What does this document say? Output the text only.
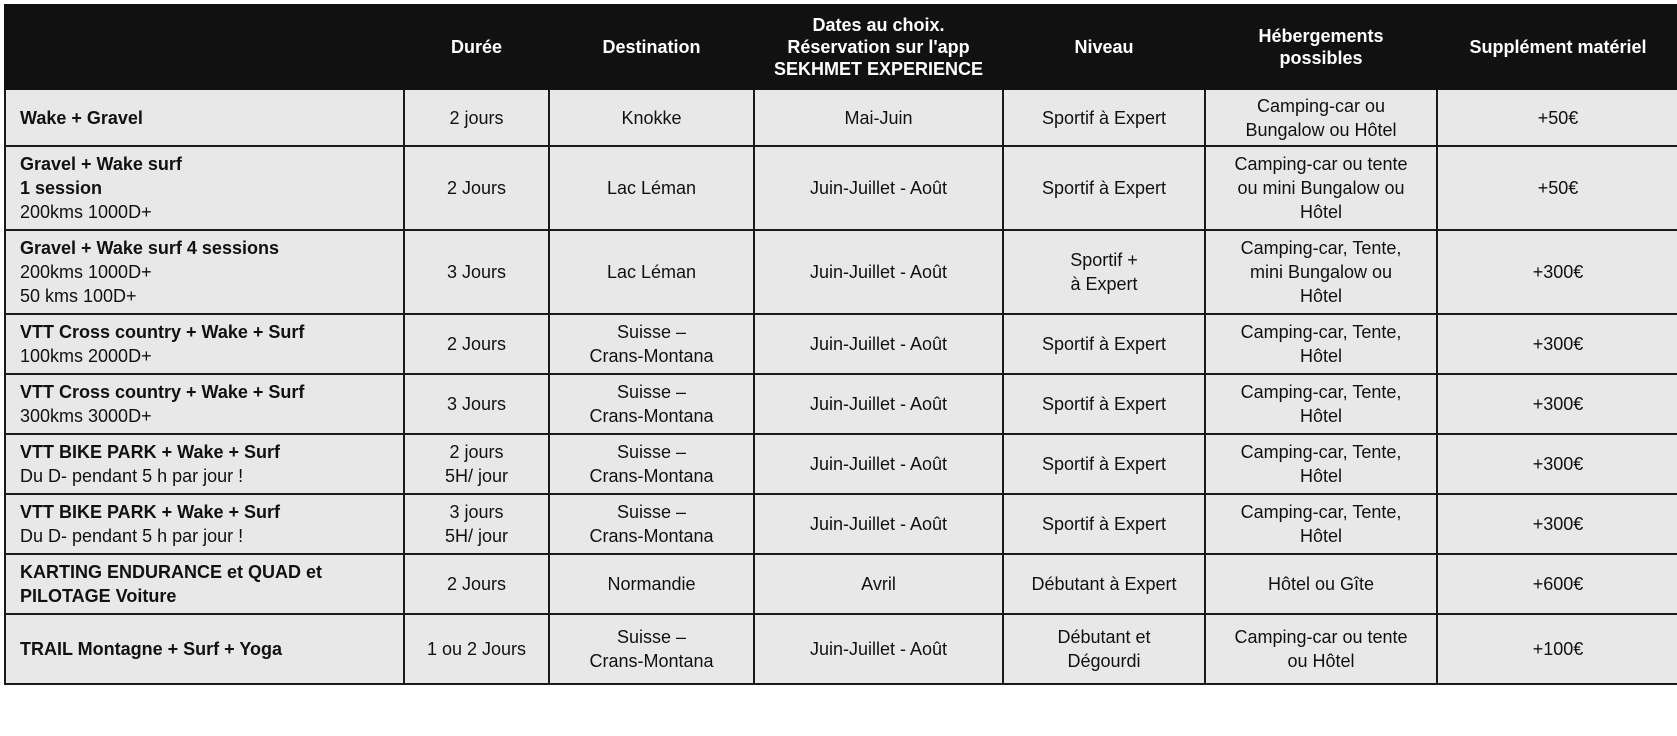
	Durée	Destination	Dates au choix.
Réservation sur l'app
SEKHMET EXPERIENCE	Niveau	Hébergements
possibles	Supplément matériel

Wake + Gravel	2 jours	Knokke	Mai-Juin	Sportif à Expert	Camping-car ou
Bungalow ou Hôtel	+50€

Gravel + Wake surf
1 session
200kms 1000D+	2 Jours	Lac Léman	Juin-Juillet - Août	Sportif à Expert	Camping-car ou tente
ou mini Bungalow ou
Hôtel	+50€

Gravel + Wake surf 4 sessions
200kms 1000D+
50 kms 100D+	3 Jours	Lac Léman	Juin-Juillet - Août	Sportif +
à Expert	Camping-car, Tente,
mini Bungalow ou
Hôtel	+300€

VTT Cross country + Wake + Surf
100kms 2000D+	2 Jours	Suisse –
Crans-Montana	Juin-Juillet - Août	Sportif à Expert	Camping-car, Tente,
Hôtel	+300€

VTT Cross country + Wake + Surf
300kms 3000D+	3 Jours	Suisse –
Crans-Montana	Juin-Juillet - Août	Sportif à Expert	Camping-car, Tente,
Hôtel	+300€

VTT BIKE PARK + Wake + Surf
Du D- pendant 5 h par jour !	2 jours
5H/ jour	Suisse –
Crans-Montana	Juin-Juillet - Août	Sportif à Expert	Camping-car, Tente,
Hôtel	+300€

VTT BIKE PARK + Wake + Surf
Du D- pendant 5 h par jour !	3 jours
5H/ jour	Suisse –
Crans-Montana	Juin-Juillet - Août	Sportif à Expert	Camping-car, Tente,
Hôtel	+300€

KARTING ENDURANCE et QUAD et
PILOTAGE Voiture	2 Jours	Normandie	Avril	Débutant à Expert	Hôtel ou Gîte	+600€

TRAIL Montagne + Surf + Yoga	1 ou 2 Jours	Suisse –
Crans-Montana	Juin-Juillet - Août	Débutant et
Dégourdi	Camping-car ou tente
ou Hôtel	+100€
